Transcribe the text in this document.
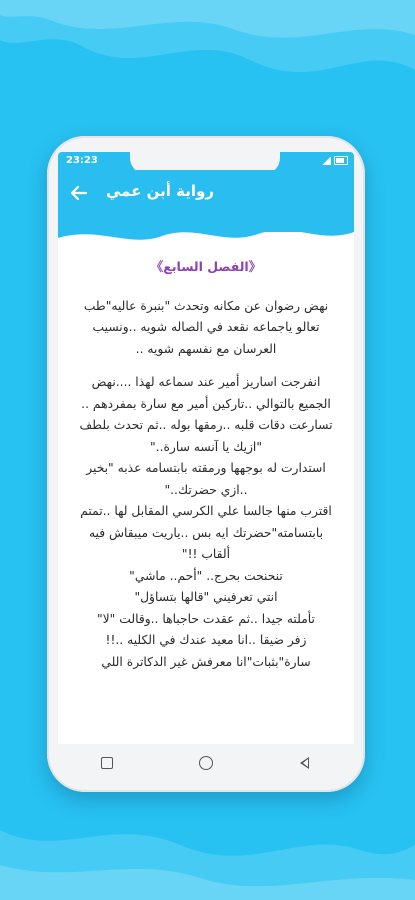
23:23
رواية أبن عمي
《الفصل السابع》
نهض رضوان عن مكانه وتحدث "بنبرة عاليه"طب
تعالو ياجماعه نقعد في الصاله شويه ..ونسيب
العرسان مع نفسهم شويه ..
انفرجت اساريز أمير عند سماعه لهذا ....نهض
الجميع بالتوالي ..تاركين أمير مع سارة بمفردهم ..
تسارعت دقات قلبه ..رمقها بوله ..ثم تحدث بلطف
"ازيك يا آنسه سارة.."
استدارت له بوجهها ورمقته بابتسامه عذبه "بخير
..ازي حضرتك.."
اقترب منها جالسا علي الكرسي المقابل لها ..تمتم
بابتسامته"حضرتك ايه بس ..ياريت ميبقاش فيه
ألقاب !!"
تنحنحت بحرج.. "أحم.. ماشي"
انتي تعرفيني "قالها بتساؤل"
تأملته جيدا ..ثم عقدت حاجباها ..وقالت "لا"
زفر ضيقا ..انا معيد عندك في الكليه ..!!
سارة"بثبات"انا معرفش غير الدكاترة اللي
